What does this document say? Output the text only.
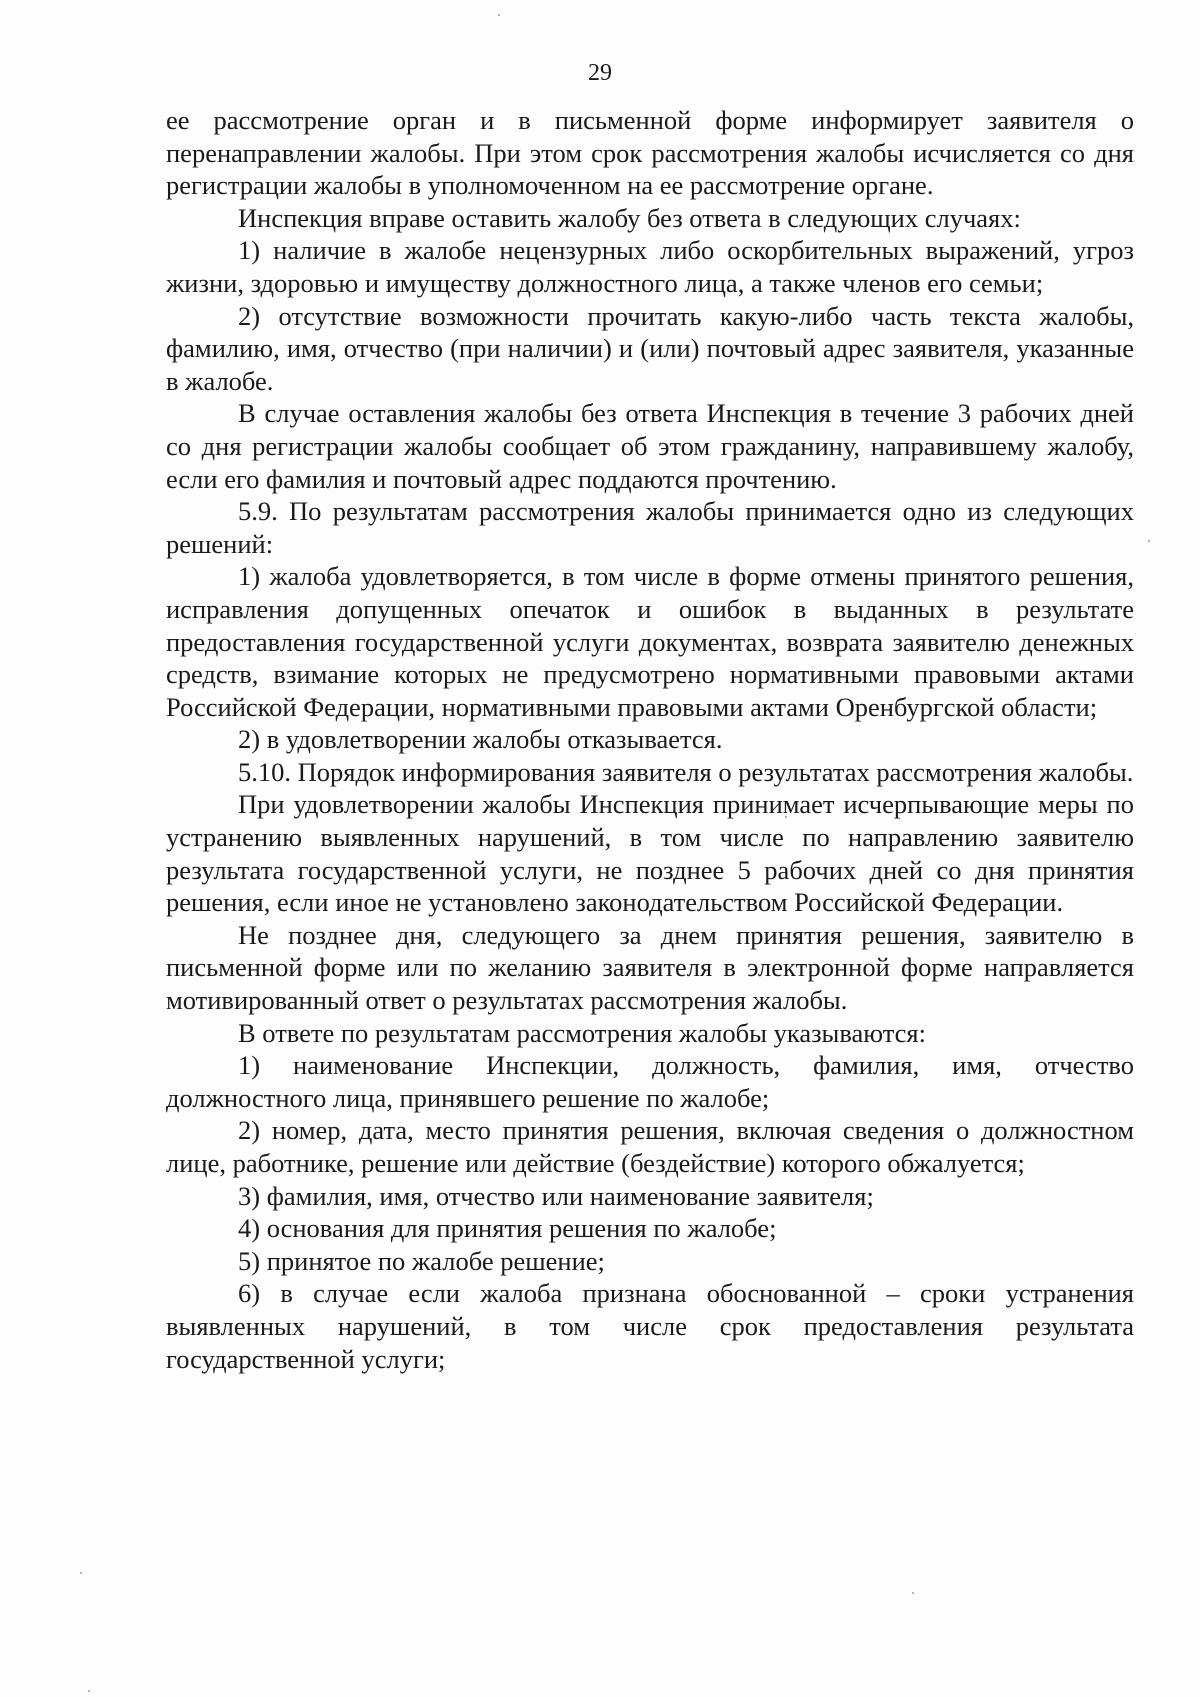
29

ее рассмотрение орган и в письменной форме информирует заявителя о перенаправлении жалобы. При этом срок рассмотрения жалобы исчисляется со дня регистрации жалобы в уполномоченном на ее рассмотрение органе.

Инспекция вправе оставить жалобу без ответа в следующих случаях:

1) наличие в жалобе нецензурных либо оскорбительных выражений, угроз жизни, здоровью и имуществу должностного лица, а также членов его семьи;

2) отсутствие возможности прочитать какую-либо часть текста жалобы, фамилию, имя, отчество (при наличии) и (или) почтовый адрес заявителя, указанные в жалобе.

В случае оставления жалобы без ответа Инспекция в течение 3 рабочих дней со дня регистрации жалобы сообщает об этом гражданину, направившему жалобу, если его фамилия и почтовый адрес поддаются прочтению.

5.9. По результатам рассмотрения жалобы принимается одно из следующих решений:

1) жалоба удовлетворяется, в том числе в форме отмены принятого решения, исправления допущенных опечаток и ошибок в выданных в результате предоставления государственной услуги документах, возврата заявителю денежных средств, взимание которых не предусмотрено нормативными правовыми актами Российской Федерации, нормативными правовыми актами Оренбургской области;

2) в удовлетворении жалобы отказывается.

5.10. Порядок информирования заявителя о результатах рассмотрения жалобы.

При удовлетворении жалобы Инспекция принимает исчерпывающие меры по устранению выявленных нарушений, в том числе по направлению заявителю результата государственной услуги, не позднее 5 рабочих дней со дня принятия решения, если иное не установлено законодательством Российской Федерации.

Не позднее дня, следующего за днем принятия решения, заявителю в письменной форме или по желанию заявителя в электронной форме направляется мотивированный ответ о результатах рассмотрения жалобы.

В ответе по результатам рассмотрения жалобы указываются:

1) наименование Инспекции, должность, фамилия, имя, отчество должностного лица, принявшего решение по жалобе;

2) номер, дата, место принятия решения, включая сведения о должностном лице, работнике, решение или действие (бездействие) которого обжалуется;

3) фамилия, имя, отчество или наименование заявителя;

4) основания для принятия решения по жалобе;

5) принятое по жалобе решение;

6) в случае если жалоба признана обоснованной – сроки устранения выявленных нарушений, в том числе срок предоставления результата государственной услуги;
